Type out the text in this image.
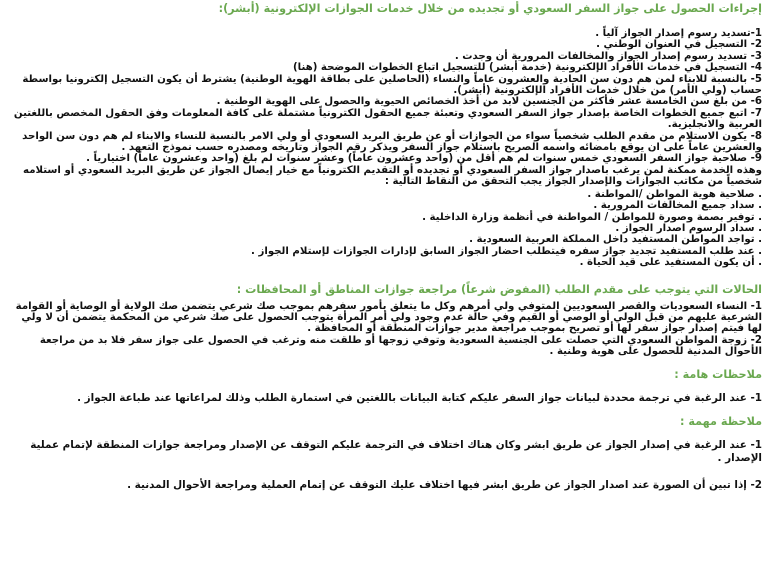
إجراءات الحصول على جواز السفر السعودي أو تجديده من خلال خدمات الجوازات الإلكترونية (أبشر):

1-تسديد رسوم إصدار الجواز آلياً .

2- التسجيل في العنوان الوطني .

3- تسديد رسوم إصدار الجواز والمخالفات المرورية أن وجدت .

4- التسجيل في خدمات الأفراد الإلكترونية (خدمة أبشر) للتسجيل اتباع الخطوات الموضحة (هنا)

5- بالنسبة للابناء لمن هم دون سن الحادية والعشرون عاماً والنساء (الحاصلين على بطاقة الهوية الوطنية) يشترط أن يكون التسجيل إلكترونيا بواسطة حساب (ولي الأمر) من خلال خدمات الأفراد الإلكترونية (أبشر).

6- من بلغ سن الخامسة عشر فأكثر من الجنسين لابد من أخذ الخصائص الحيوية والحصول على الهوية الوطنية .

7- اتبع جميع الخطوات الخاصة بإصدار جواز السفر السعودي وتعبئة جميع الحقول الكترونياً مشتملة على كافة المعلومات وفق الحقول المخصص باللغتين العربية والانجليزية.

8- يكون الاستلام من مقدم الطلب شخصياً سواء من الجوازات أو عن طريق البريد السعودي أو ولي الامر بالنسبة للنساء والابناء لم هم دون سن الواحد والعشرين عاماً على ان يوقع بامضائه واسمه الصريح باستلام جواز السفر ويذكر رقم الجواز وتاريخه ومصدره حسب نموذج التعهد .

9- صلاحية جواز السفر السعودي خمس سنوات لم هم أقل من (واحد وعشرون عاماً) وعشر سنوات لم بلغ (واحد وعشرون عاماً) اختيارياً .

وهذه الخدمة ممكنة لمن يرغب باصدار جواز السفر السعودي أو تجديده أو التقديم الكترونياً مع خيار إيصال الجواز عن طريق البريد السعودي أو استلامه شخصياً من مكاتب الجوازات والإصدار الجواز يجب التحقق من النقاط التالية :

. صلاحية هوية المواطن /المواطنة .

. سداد جميع المخالفات المرورية .

. توفير بصمة وصورة للمواطن / المواطنة في أنظمة وزارة الداخلية .

. سداد الرسوم اصدار الجواز .

. تواجد المواطن المستفيد داخل المملكة العربية السعودية .

. عند طلب المستفيد تجديد جواز سفره فيتطلب احضار الجواز السابق لإدارات الجوازات لإستلام الجواز .

. أن يكون المستفيد على قيد الحياة .

الحالات التي يتوجب على مقدم الطلب (المفوض شرعاً) مراجعة جوازات المناطق أو المحافظات :

1- النساء السعوديات والقصر السعوديين المتوفي ولي أمرهم وكل ما يتعلق بأمور سفرهم بموجب صك شرعي يتضمن صك الولاية أو الوصاية أو القوامة الشرعية عليهم من قبل الولي أو الوصي أو القيم وفي حالة عدم وجود ولي أمر المرأة يتوجب الحصول على صك شرعي من المحكمة يتضمن أن لا ولي لها فيتم إصدار جواز سفر لها أو تصريح بموجب مراجعة مدير جوازات المنطقة أو المحافظة .

2- زوجة المواطن السعودي التي حصلت على الجنسية السعودية وتوفي زوجها أو طلقت منه وترغب في الحصول على جواز سفر فلا بد من مراجعة الأحوال المدنية للحصول على هوية وطنية .

ملاحظات هامة :

1- عند الرغبة في ترجمة محددة لبيانات جواز السفر عليكم كتابة البيانات باللغتين في استمارة الطلب وذلك لمراعاتها عند طباعة الجواز .

ملاحظة مهمة :

1- عند الرغبة في إصدار الجواز عن طريق ابشر وكان هناك اختلاف في الترجمة عليكم التوقف عن الإصدار ومراجعة جوازات المنطقة لإتمام عملية الإصدار .

2- إذا تبين أن الصورة عند اصدار الجواز عن طريق ابشر فيها اختلاف عليك التوقف عن إتمام العملية ومراجعة الأحوال المدنية .
